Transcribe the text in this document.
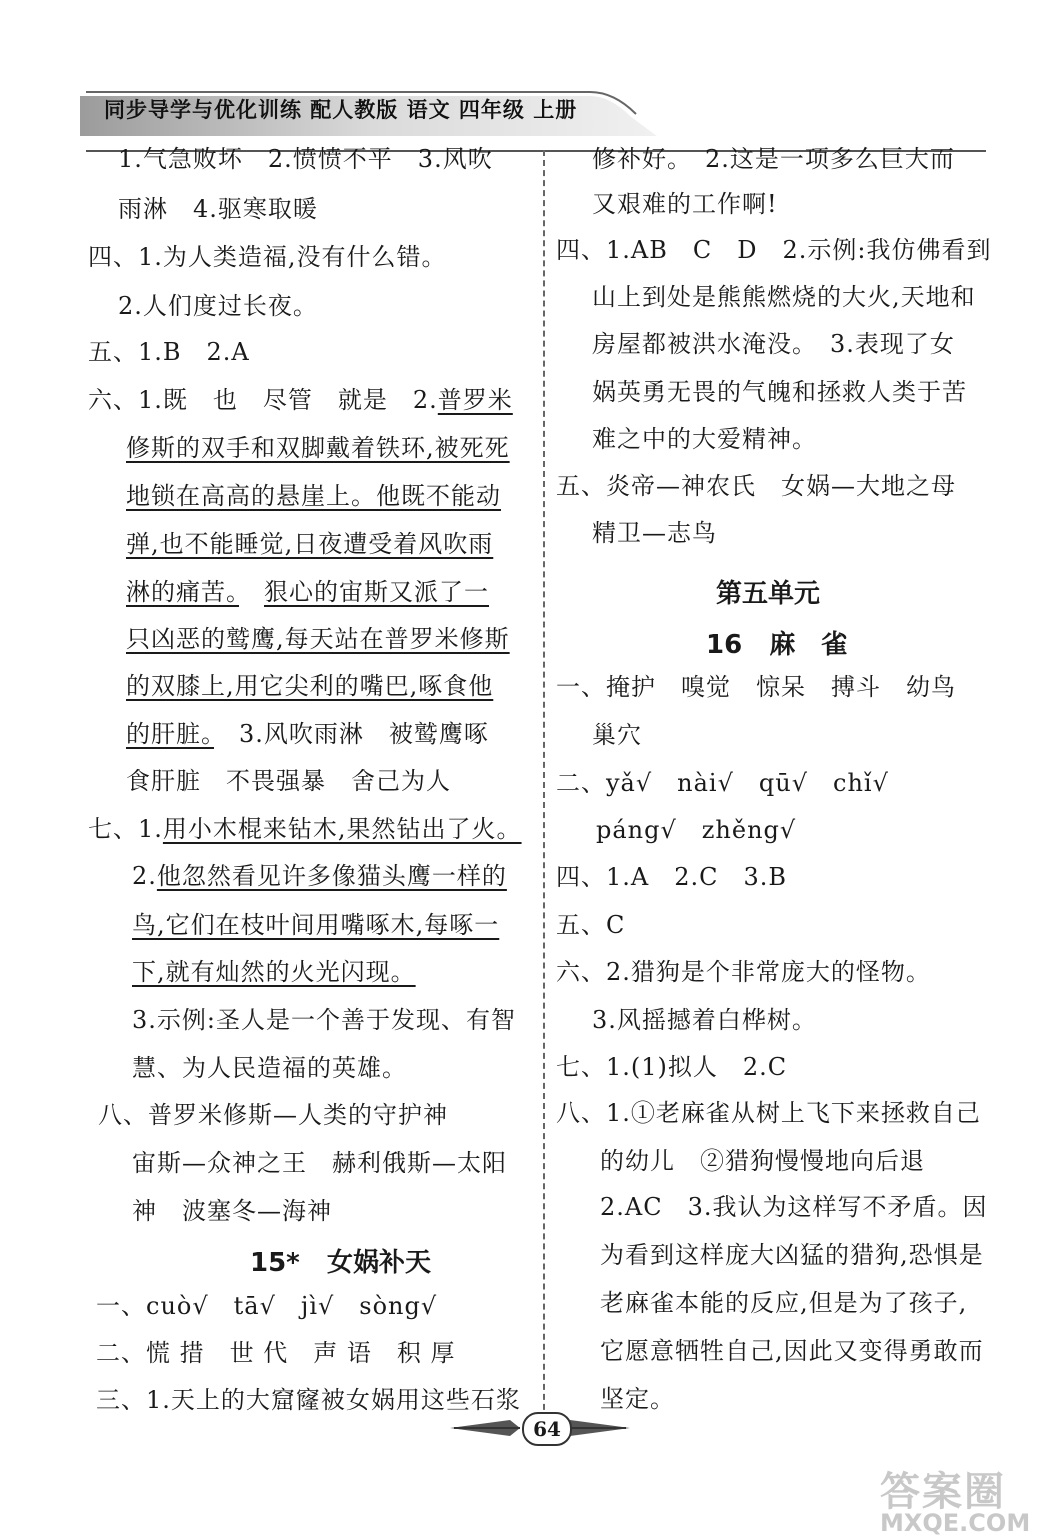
同步导学与优化训练 配人教版 语文 四年级 上册
1.气急败坏　2.愤愤不平　3.风吹
雨淋　4.驱寒取暖
四、1.为人类造福,没有什么错。
2.人们度过长夜。
五、1.B　2.A
六、1.既　也　尽管　就是　2.普罗米
修斯的双手和双脚戴着铁环,被死死
地锁在高高的悬崖上。他既不能动
弹,也不能睡觉,日夜遭受着风吹雨
淋的痛苦。　 狠心的宙斯又派了一
只凶恶的鹫鹰,每天站在普罗米修斯
的双膝上,用它尖利的嘴巴,啄食他
的肝脏。　 3.风吹雨淋　被鹫鹰啄
食肝脏　不畏强暴　舍己为人
七、1.用小木棍来钻木,果然钻出了火。
2.他忽然看见许多像猫头鹰一样的
鸟,它们在枝叶间用嘴啄木,每啄一
下,就有灿然的火光闪现。
3.示例:圣人是一个善于发现、有智
慧、为人民造福的英雄。
八、普罗米修斯—人类的守护神
宙斯—众神之王　赫利俄斯—太阳
神　波塞冬—海神
15* 女娲补天
一、cuò√　tā√　jì√　sòng√
二、慌 措　世 代　声 语　积 厚
三、1.天上的大窟窿被女娲用这些石浆
修补好。　2.这是一项多么巨大而
又艰难的工作啊!
四、1.AB　C　D　2.示例:我仿佛看到
山上到处是熊熊燃烧的大火,天地和
房屋都被洪水淹没。　3.表现了女
娲英勇无畏的气魄和拯救人类于苦
难之中的大爱精神。
五、炎帝—神农氏　女娲—大地之母
精卫—志鸟
第五单元
16 麻　雀
一、掩护　嗅觉　惊呆　搏斗　幼鸟
巢穴
二、yǎ√　nài√　qū√　chǐ√
páng√　zhěng√
四、1.A　2.C　3.B
五、C
六、2.猎狗是个非常庞大的怪物。
3.风摇撼着白桦树。
七、1.(1)拟人　2.C
八、1.①老麻雀从树上飞下来拯救自己
的幼儿　②猎狗慢慢地向后退
2.AC　3.我认为这样写不矛盾。因
为看到这样庞大凶猛的猎狗,恐惧是
老麻雀本能的反应,但是为了孩子,
它愿意牺牲自己,因此又变得勇敢而
坚定。
64
答案圈
MXQE.COM
